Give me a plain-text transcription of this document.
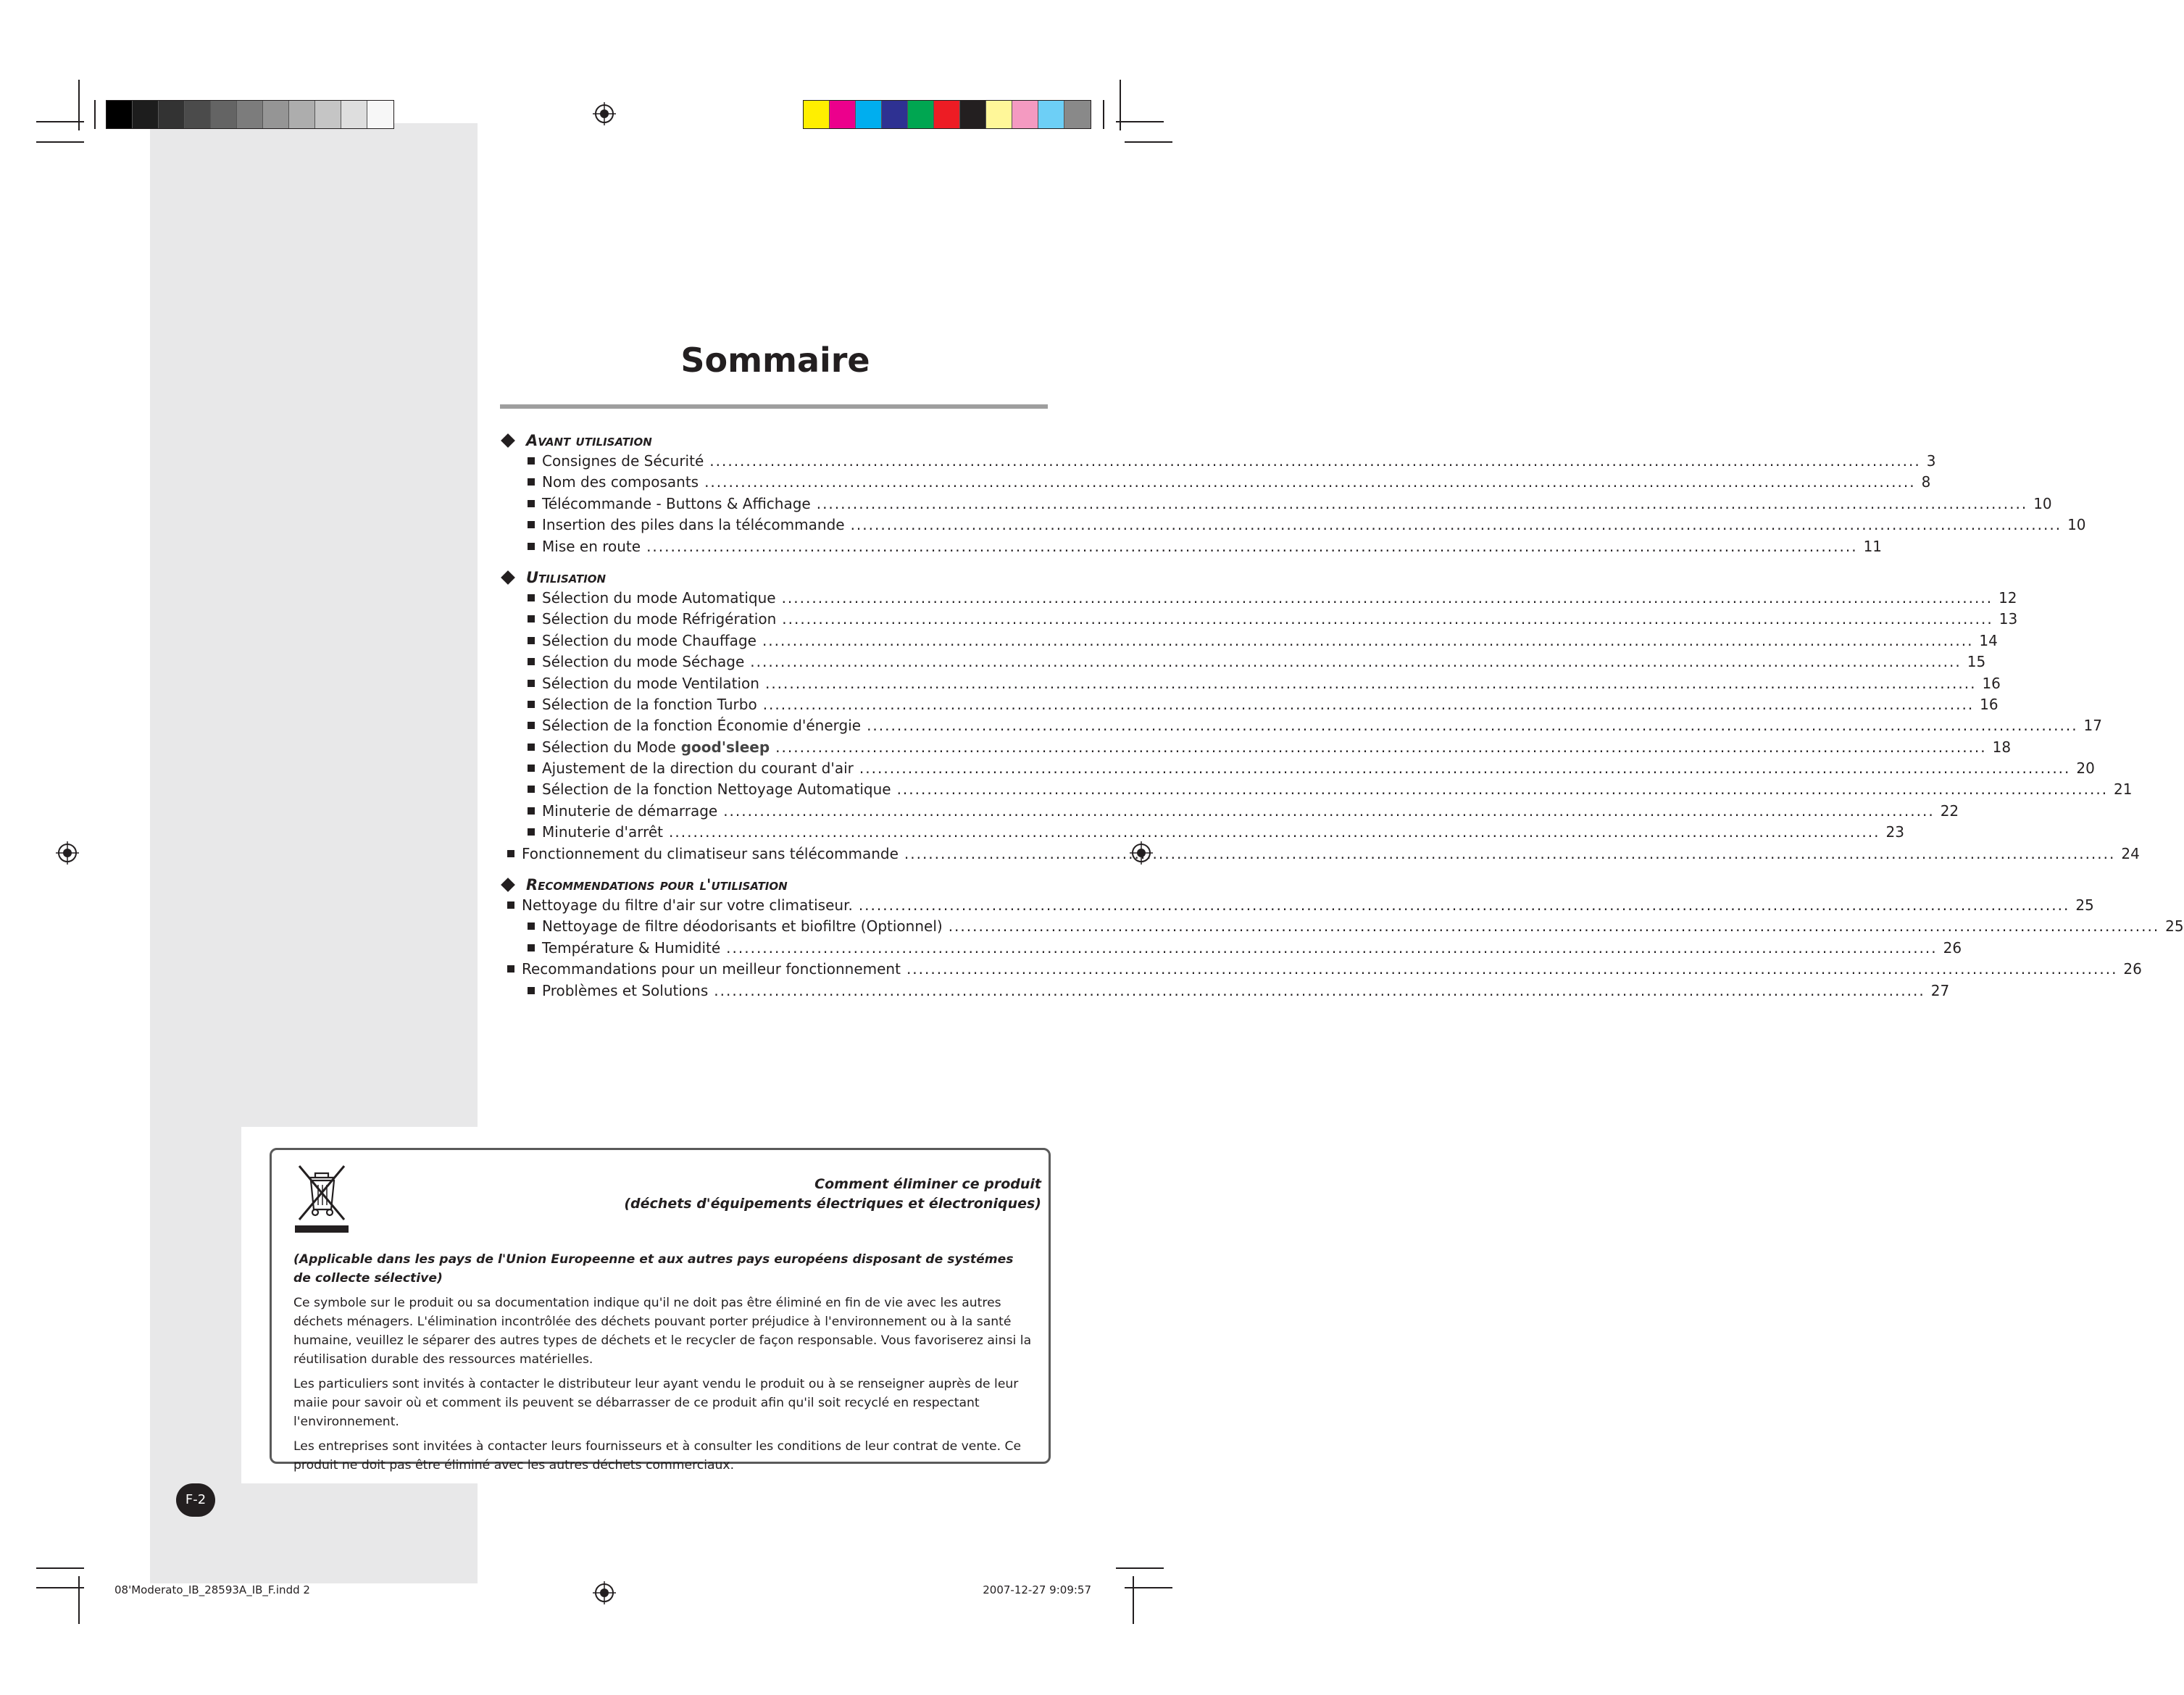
Sommaire
Avant utilisation
Consignes de Sécurité ........................................................................................................................................................................................................ 3
Nom des composants ........................................................................................................................................................................................................ 8
Télécommande - Buttons & Affichage ........................................................................................................................................................................................................ 10
Insertion des piles dans la télécommande ........................................................................................................................................................................................................ 10
Mise en route ........................................................................................................................................................................................................ 11
Utilisation
Sélection du mode Automatique ........................................................................................................................................................................................................ 12
Sélection du mode Réfrigération ........................................................................................................................................................................................................ 13
Sélection du mode Chauffage ........................................................................................................................................................................................................ 14
Sélection du mode Séchage ........................................................................................................................................................................................................ 15
Sélection du mode Ventilation ........................................................................................................................................................................................................ 16
Sélection de la fonction Turbo ........................................................................................................................................................................................................ 16
Sélection de la fonction Économie d'énergie ........................................................................................................................................................................................................ 17
Sélection du Mode good'sleep ........................................................................................................................................................................................................ 18
Ajustement de la direction du courant d'air ........................................................................................................................................................................................................ 20
Sélection de la fonction Nettoyage Automatique ........................................................................................................................................................................................................ 21
Minuterie de démarrage ........................................................................................................................................................................................................ 22
Minuterie d'arrêt ........................................................................................................................................................................................................ 23
Fonctionnement du climatiseur sans télécommande ........................................................................................................................................................................................................ 24
Recommendations pour l'utilisation
Nettoyage du filtre d'air sur votre climatiseur. ........................................................................................................................................................................................................ 25
Nettoyage de filtre déodorisants et biofiltre (Optionnel) ........................................................................................................................................................................................................ 25
Température & Humidité ........................................................................................................................................................................................................ 26
Recommandations pour un meilleur fonctionnement ........................................................................................................................................................................................................ 26
Problèmes et Solutions ........................................................................................................................................................................................................ 27
Comment éliminer ce produit
(déchets d'équipements électriques et électroniques)

(Applicable dans les pays de l'Union Europeenne et aux autres pays européens disposant de systémes de collecte sélective)

Ce symbole sur le produit ou sa documentation indique qu'il ne doit pas être éliminé en fin de vie avec les autres déchets ménagers. L'élimination incontrôlée des déchets pouvant porter préjudice à l'environnement ou à la santé humaine, veuillez le séparer des autres types de déchets et le recycler de façon responsable. Vous favoriserez ainsi la réutilisation durable des ressources matérielles.

Les particuliers sont invités à contacter le distributeur leur ayant vendu le produit ou à se renseigner auprès de leur maiie pour savoir où et comment ils peuvent se débarrasser de ce produit afin qu'il soit recyclé en respectant l'environnement.

Les entreprises sont invitées à contacter leurs fournisseurs et à consulter les conditions de leur contrat de vente. Ce produit ne doit pas être éliminé avec les autres déchets commerciaux.

F-2
08'Moderato_IB_28593A_IB_F.indd 2	2007-12-27 9:09:57
